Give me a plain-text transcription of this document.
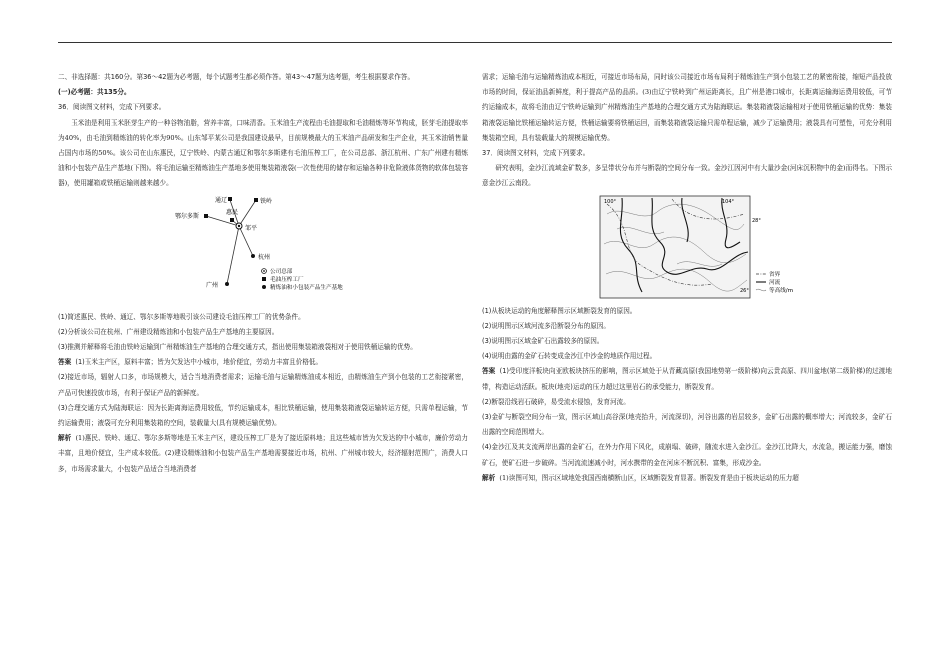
二、非选择题：共160分。第36～42题为必考题，每个试题考生都必须作答。第43～47题为选考题，考生根据要求作答。

(一)必考题：共135分。

36．阅读图文材料，完成下列要求。

玉米油是利用玉米胚芽生产的一种谷物油脂，营养丰富，口味清香。玉米油生产流程由毛油提取和毛油精炼等环节构成，胚芽毛油提取率为40%，由毛油到精炼油的转化率为90%。山东邹平某公司是我国建设最早，目前规模最大的玉米油产品研发和生产企业，其玉米油销售量占国内市场的50%。该公司在山东惠民，辽宁铁岭、内蒙古通辽和鄂尔多斯建有毛油压榨工厂，在公司总部、浙江杭州、广东广州建有精炼油和小包装产品生产基地(下图)。将毛油运输至精炼油生产基地多使用集装箱液袋(一次性使用的储存和运输各种非危险液体货物的软体包装容器)，使用罐箱或铁桶运输则越来越少。

通辽	铁岭
鄂尔多斯
惠民
邹平
杭州
广州
公司总部
毛油压榨工厂
精炼油和小包装产品生产基地

(1)简述惠民、铁岭、通辽、鄂尔多斯等地吸引该公司建设毛油压榨工厂的优势条件。

(2)分析该公司在杭州、广州建设精炼油和小包装产品生产基地的主要原因。

(3)推测并解释将毛油由铁岭运输到广州精炼油生产基地的合理交通方式，指出使用集装箱液袋相对于使用铁桶运输的优势。

答案 (1)玉米主产区，原料丰富；皆为欠发达中小城市，地价便宜，劳动力丰富且价格低。

(2)接近市场，辐射人口多，市场规模大，适合当地消费者需求；运输毛油与运输精炼油成本相近，由精炼油生产到小包装的工艺衔接紧密，产品可快速投放市场，有利于保证产品的新鲜度。

(3)合理交通方式为陆海联运：因为长距离海运费用较低，节约运输成本，相比铁桶运输，使用集装箱液袋运输转运方便，只需单程运输，节约运输费用；液袋可充分利用集装箱的空间，装载量大(具有规模运输优势)。

解析 (1)惠民、铁岭、通辽、鄂尔多斯等地是玉米主产区，建设压榨工厂是为了接近原料地；且这些城市皆为欠发达的中小城市，廉价劳动力丰富，且地价便宜，生产成本较低。(2)建设精炼油和小包装产品生产基地需要接近市场，杭州、广州城市较大，经济辐射范围广，消费人口多，市场需求量大，小包装产品适合当地消费者

需求；运输毛油与运输精炼油成本相近，可接近市场布局，同时该公司接近市场布局利于精炼油生产到小包装工艺的紧密衔接，缩短产品投放市场的时间，保证油品新鲜度，利于提高产品的品质。(3)由辽宁铁岭到广州运距离长，且广州是港口城市，长距离运输海运费用较低，可节约运输成本，故将毛油由辽宁铁岭运输到广州精炼油生产基地的合理交通方式为陆海联运。集装箱液袋运输相对于使用铁桶运输的优势：集装箱液袋运输比铁桶运输转运方便，铁桶运输要将铁桶运回，而集装箱液袋运输只需单程运输，减少了运输费用；液袋具有可塑性，可充分利用集装箱空间，具有装载量大的规模运输优势。

37．阅读图文材料，完成下列要求。

研究表明，金沙江流域金矿数多，多呈带状分布并与断裂的空间分布一致。金沙江因河中有大量沙金(河床沉积物中的金)而得名。下图示意金沙江云南段。

100°	104°
28°
26°
省界
河流
等高线/m

(1)从板块运动的角度解释图示区域断裂发育的原因。

(2)说明图示区域河流多沿断裂分布的原因。

(3)说明图示区域金矿石出露较多的原因。

(4)说明由露的金矿石转变成金沙江中沙金的地质作用过程。

答案 (1)受印度洋板块向亚欧板块挤压的影响，图示区域处于从青藏高原(我国地势第一级阶梯)向云贵高原、四川盆地(第二级阶梯)的过渡地带，构造运动活跃。板块(地壳)运动的压力超过这里岩石的承受能力，断裂发育。

(2)断裂沿线岩石破碎，易受流水侵蚀，发育河流。

(3)金矿与断裂空间分布一致，图示区域山高谷深(地壳抬升，河流深切)，河谷出露的岩层较多，金矿石出露的概率增大；河流较多，金矿石出露的空间范围增大。

(4)金沙江及其支流两岸出露的金矿石，在外力作用下风化，成崩塌、破碎，随流水进入金沙江。金沙江比降大，水流急，搬运能力强，磨蚀矿石，使矿石进一步破碎。当河流流速减小时，河水携带的金在河床不断沉积、富集，形成沙金。

解析 (1)读图可知，图示区域地处我国西南横断山区，区域断裂发育显著。断裂发育是由于板块运动的压力超
